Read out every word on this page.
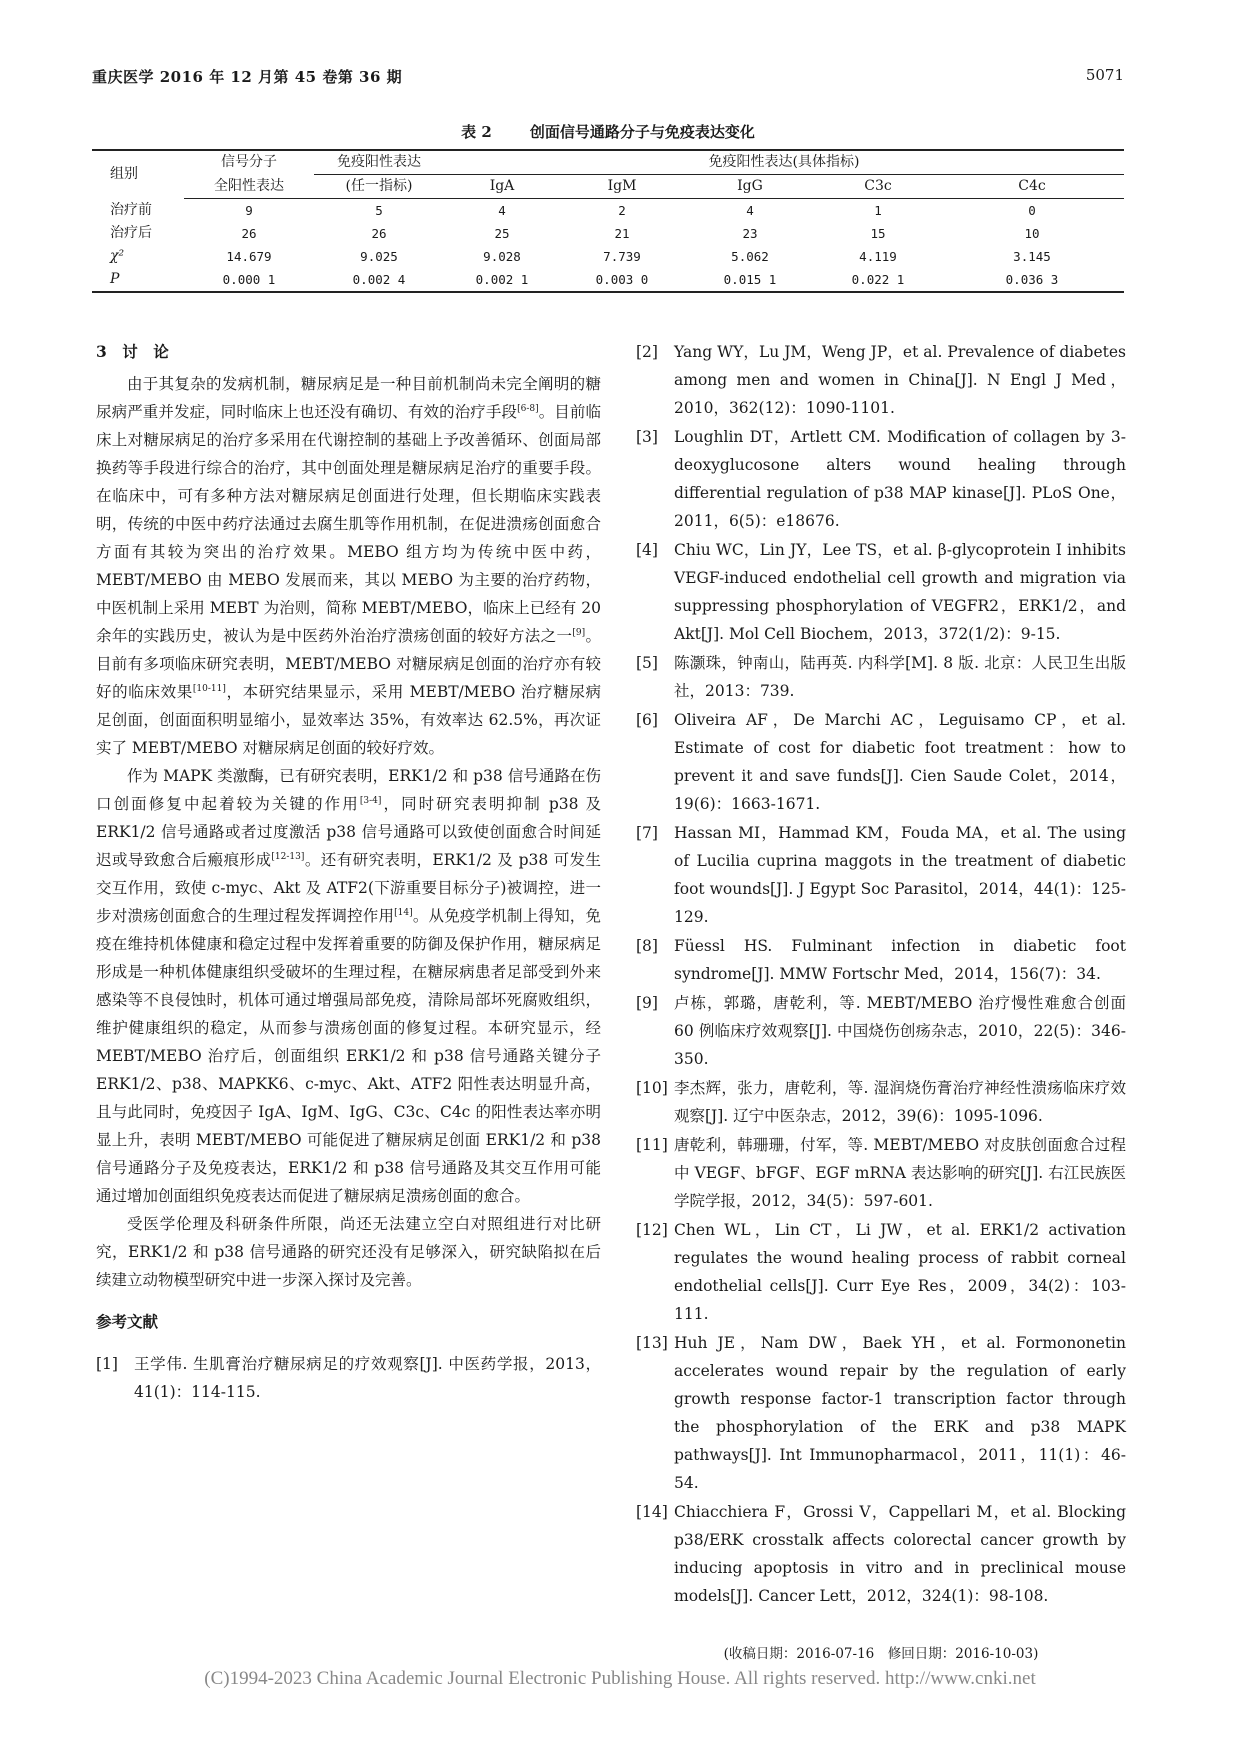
重庆医学 2016 年 12 月第 45 卷第 36 期	5071
表 2	创面信号通路分子与免疫表达变化
组别	信号分子	免疫阳性表达	免疫阳性表达(具体指标)				
	全阳性表达	(任一指标)	IgA	IgM	IgG	C3c	C4c
治疗前	9	5	4	2	4	1	0
治疗后	26	26	25	21	23	15	10
χ²	14.679	9.025	9.028	7.739	5.062	4.119	3.145
P	0.000 1	0.002 4	0.002 1	0.003 0	0.015 1	0.022 1	0.036 3

3　讨　论

由于其复杂的发病机制，糖尿病足是一种目前机制尚未完全阐明的糖尿病严重并发症，同时临床上也还没有确切、有效的治疗手段[6-8]。目前临床上对糖尿病足的治疗多采用在代谢控制的基础上予改善循环、创面局部换药等手段进行综合的治疗，其中创面处理是糖尿病足治疗的重要手段。在临床中，可有多种方法对糖尿病足创面进行处理，但长期临床实践表明，传统的中医中药疗法通过去腐生肌等作用机制，在促进溃疡创面愈合方面有其较为突出的治疗效果。MEBO 组方均为传统中医中药，MEBT/MEBO 由 MEBO 发展而来，其以 MEBO 为主要的治疗药物，中医机制上采用 MEBT 为治则，简称 MEBT/MEBO，临床上已经有 20 余年的实践历史，被认为是中医药外治治疗溃疡创面的较好方法之一[9]。目前有多项临床研究表明，MEBT/MEBO 对糖尿病足创面的治疗亦有较好的临床效果[10-11]，本研究结果显示，采用 MEBT/MEBO 治疗糖尿病足创面，创面面积明显缩小，显效率达 35%，有效率达 62.5%，再次证实了 MEBT/MEBO 对糖尿病足创面的较好疗效。

作为 MAPK 类激酶，已有研究表明，ERK1/2 和 p38 信号通路在伤口创面修复中起着较为关键的作用[3-4]，同时研究表明抑制 p38 及 ERK1/2 信号通路或者过度激活 p38 信号通路可以致使创面愈合时间延迟或导致愈合后瘢痕形成[12-13]。还有研究表明，ERK1/2 及 p38 可发生交互作用，致使 c-myc、Akt 及 ATF2(下游重要目标分子)被调控，进一步对溃疡创面愈合的生理过程发挥调控作用[14]。从免疫学机制上得知，免疫在维持机体健康和稳定过程中发挥着重要的防御及保护作用，糖尿病足形成是一种机体健康组织受破坏的生理过程，在糖尿病患者足部受到外来感染等不良侵蚀时，机体可通过增强局部免疫，清除局部坏死腐败组织，维护健康组织的稳定，从而参与溃疡创面的修复过程。本研究显示，经 MEBT/MEBO 治疗后，创面组织 ERK1/2 和 p38 信号通路关键分子 ERK1/2、p38、MAPKK6、c-myc、Akt、ATF2 阳性表达明显升高，且与此同时，免疫因子 IgA、IgM、IgG、C3c、C4c 的阳性表达率亦明显上升，表明 MEBT/MEBO 可能促进了糖尿病足创面 ERK1/2 和 p38 信号通路分子及免疫表达，ERK1/2 和 p38 信号通路及其交互作用可能通过增加创面组织免疫表达而促进了糖尿病足溃疡创面的愈合。

受医学伦理及科研条件所限，尚还无法建立空白对照组进行对比研究，ERK1/2 和 p38 信号通路的研究还没有足够深入，研究缺陷拟在后续建立动物模型研究中进一步深入探讨及完善。

参考文献

[1]	王学伟. 生肌膏治疗糖尿病足的疗效观察[J]. 中医药学报，2013，41(1)：114-115.
[2]	Yang WY，Lu JM，Weng JP，et al. Prevalence of diabetes among men and women in China[J]. N Engl J Med，2010，362(12)：1090-1101.
[3]	Loughlin DT，Artlett CM. Modification of collagen by 3-deoxyglucosone alters wound healing through differential regulation of p38 MAP kinase[J]. PLoS One，2011，6(5)：e18676.
[4]	Chiu WC，Lin JY，Lee TS，et al. β-glycoprotein I inhibits VEGF-induced endothelial cell growth and migration via suppressing phosphorylation of VEGFR2，ERK1/2，and Akt[J]. Mol Cell Biochem，2013，372(1/2)：9-15.
[5]	陈灏珠，钟南山，陆再英. 内科学[M]. 8 版. 北京：人民卫生出版社，2013：739.
[6]	Oliveira AF，De Marchi AC，Leguisamo CP，et al. Estimate of cost for diabetic foot treatment：how to prevent it and save funds[J]. Cien Saude Colet，2014，19(6)：1663-1671.
[7]	Hassan MI，Hammad KM，Fouda MA，et al. The using of Lucilia cuprina maggots in the treatment of diabetic foot wounds[J]. J Egypt Soc Parasitol，2014，44(1)：125-129.
[8]	Füessl HS. Fulminant infection in diabetic foot syndrome[J]. MMW Fortschr Med，2014，156(7)：34.
[9]	卢栋，郭璐，唐乾利，等. MEBT/MEBO 治疗慢性难愈合创面 60 例临床疗效观察[J]. 中国烧伤创疡杂志，2010，22(5)：346-350.
[10] 李杰辉，张力，唐乾利，等. 湿润烧伤膏治疗神经性溃疡临床疗效观察[J]. 辽宁中医杂志，2012，39(6)：1095-1096.
[11] 唐乾利，韩珊珊，付军，等. MEBT/MEBO 对皮肤创面愈合过程中 VEGF、bFGF、EGF mRNA 表达影响的研究[J]. 右江民族医学院学报，2012，34(5)：597-601.
[12] Chen WL，Lin CT，Li JW，et al. ERK1/2 activation regulates the wound healing process of rabbit corneal endothelial cells[J]. Curr Eye Res，2009，34(2)：103-111.
[13] Huh JE，Nam DW，Baek YH，et al. Formononetin accelerates wound repair by the regulation of early growth response factor-1 transcription factor through the phosphorylation of the ERK and p38 MAPK pathways[J]. Int Immunopharmacol，2011，11(1)：46-54.
[14] Chiacchiera F，Grossi V，Cappellari M，et al. Blocking p38/ERK crosstalk affects colorectal cancer growth by inducing apoptosis in vitro and in preclinical mouse models[J]. Cancer Lett，2012，324(1)：98-108.
(收稿日期：2016-07-16　修回日期：2016-10-03)
(C)1994-2023 China Academic Journal Electronic Publishing House. All rights reserved. http://www.cnki.net
